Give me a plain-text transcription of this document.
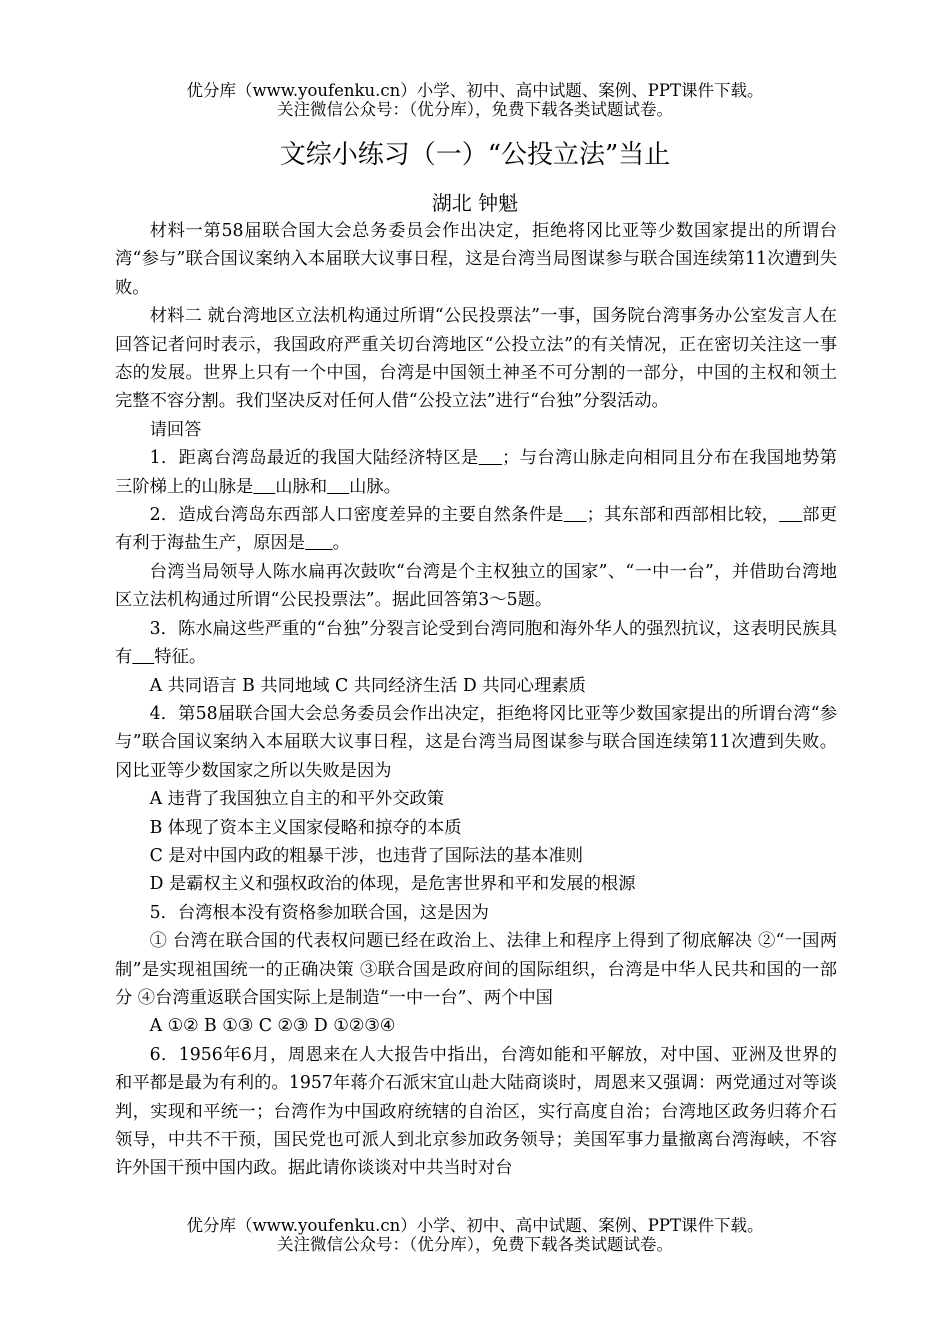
优分库（www.youfenku.cn）小学、初中、高中试题、案例、PPT课件下载。
关注微信公众号：（优分库），免费下载各类试题试卷。
文综小练习（一）“公投立法”当止
湖北 钟魁

材料一第58届联合国大会总务委员会作出决定，拒绝将冈比亚等少数国家提出的所谓台湾“参与”联合国议案纳入本届联大议事日程，这是台湾当局图谋参与联合国连续第11次遭到失败。

材料二 就台湾地区立法机构通过所谓“公民投票法”一事，国务院台湾事务办公室发言人在回答记者问时表示，我国政府严重关切台湾地区“公投立法”的有关情况，正在密切关注这一事态的发展。世界上只有一个中国，台湾是中国领土神圣不可分割的一部分，中国的主权和领土完整不容分割。我们坚决反对任何人借“公投立法”进行“台独”分裂活动。

请回答

1．距离台湾岛最近的我国大陆经济特区是 ；与台湾山脉走向相同且分布在我国地势第三阶梯上的山脉是 山脉和 山脉。

2．造成台湾岛东西部人口密度差异的主要自然条件是 ；其东部和西部相比较， 部更有利于海盐生产，原因是 。

台湾当局领导人陈水扁再次鼓吹“台湾是个主权独立的国家”、“一中一台”，并借助台湾地区立法机构通过所谓“公民投票法”。据此回答第3～5题。

3．陈水扁这些严重的“台独”分裂言论受到台湾同胞和海外华人的强烈抗议，这表明民族具有 特征。

A 共同语言 B 共同地域 C 共同经济生活 D 共同心理素质

4．第58届联合国大会总务委员会作出决定，拒绝将冈比亚等少数国家提出的所谓台湾“参与”联合国议案纳入本届联大议事日程，这是台湾当局图谋参与联合国连续第11次遭到失败。冈比亚等少数国家之所以失败是因为

A 违背了我国独立自主的和平外交政策

B 体现了资本主义国家侵略和掠夺的本质

C 是对中国内政的粗暴干涉，也违背了国际法的基本准则

D 是霸权主义和强权政治的体现，是危害世界和平和发展的根源

5．台湾根本没有资格参加联合国，这是因为

① 台湾在联合国的代表权问题已经在政治上、法律上和程序上得到了彻底解决 ②“一国两制”是实现祖国统一的正确决策 ③联合国是政府间的国际组织，台湾是中华人民共和国的一部分 ④台湾重返联合国实际上是制造“一中一台”、两个中国

A ①② B ①③ C ②③ D ①②③④

6．1956年6月，周恩来在人大报告中指出，台湾如能和平解放，对中国、亚洲及世界的和平都是最为有利的。1957年蒋介石派宋宜山赴大陆商谈时，周恩来又强调：两党通过对等谈判，实现和平统一；台湾作为中国政府统辖的自治区，实行高度自治；台湾地区政务归蒋介石领导，中共不干预，国民党也可派人到北京参加政务领导；美国军事力量撤离台湾海峡，不容许外国干预中国内政。据此请你谈谈对中共当时对台

优分库（www.youfenku.cn）小学、初中、高中试题、案例、PPT课件下载。
关注微信公众号：（优分库），免费下载各类试题试卷。
